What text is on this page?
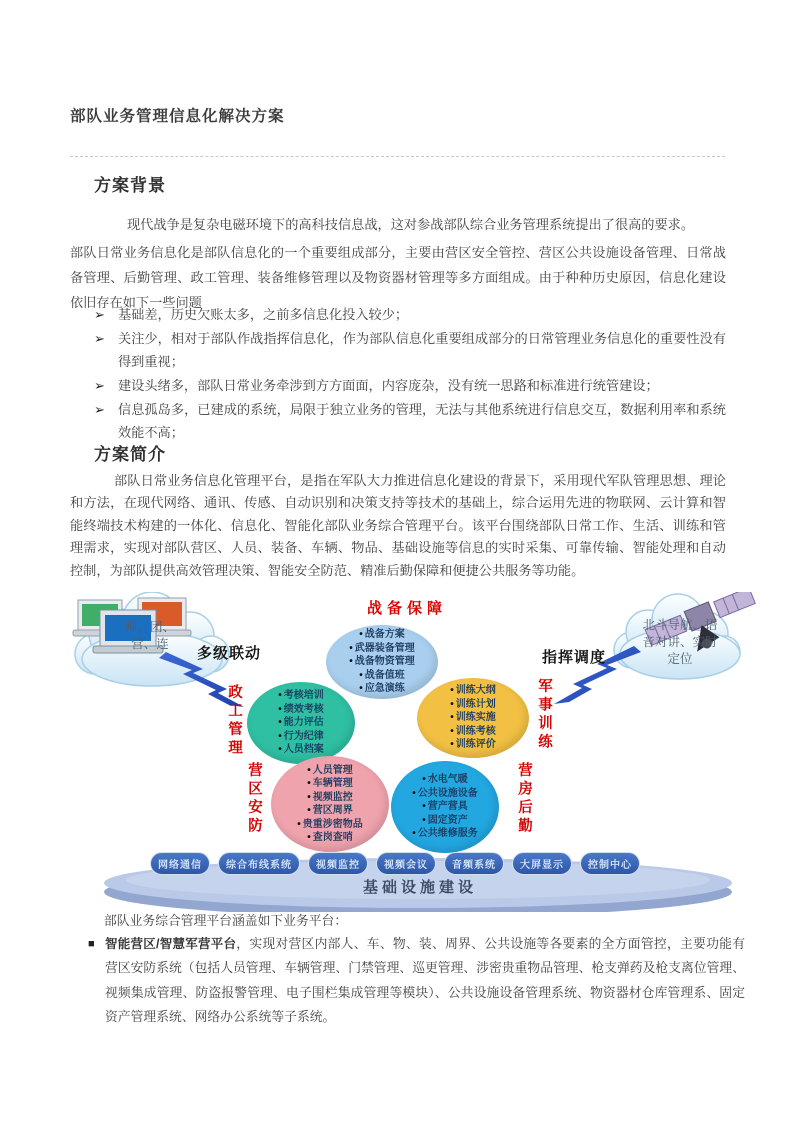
部队业务管理信息化解决方案
方案背景
现代战争是复杂电磁环境下的高科技信息战，这对参战部队综合业务管理系统提出了很高的要求。
部队日常业务信息化是部队信息化的一个重要组成部分，主要由营区安全管控、营区公共设施设备管理、日常战备管理、后勤管理、政工管理、装备维修管理以及物资器材管理等多方面组成。由于种种历史原因，信息化建设依旧存在如下一些问题
➢ 基础差，历史欠账太多，之前多信息化投入较少；
➢ 关注少，相对于部队作战指挥信息化，作为部队信息化重要组成部分的日常管理业务信息化的重要性没有得到重视；
➢ 建设头绪多，部队日常业务牵涉到方方面面，内容庞杂，没有统一思路和标准进行统管建设；
➢ 信息孤岛多，已建成的系统，局限于独立业务的管理，无法与其他系统进行信息交互，数据利用率和系统效能不高；
方案简介
部队日常业务信息化管理平台，是指在军队大力推进信息化建设的背景下，采用现代军队管理思想、理论和方法，在现代网络、通讯、传感、自动识别和决策支持等技术的基础上，综合运用先进的物联网、云计算和智能终端技术构建的一体化、信息化、智能化部队业务综合管理平台。该平台围绕部队日常工作、生活、训练和管理需求，实现对部队营区、人员、装备、车辆、物品、基础设施等信息的实时采集、可靠传输、智能处理和自动控制，为部队提供高效管理决策、智能安全防范、精准后勤保障和便捷公共服务等功能。
师、团、营、连
北斗导航、语音对讲、实时定位
多级联动	指挥调度
战备保障
• 战备方案
• 武器装备管理
• 战备物资管理
• 战备值班
• 应急演练
政工管理	• 考核培训
• 绩效考核
• 能力评估
• 行为纪律
• 人员档案	军事训练
• 训练大纲
• 训练计划
• 训练实施
• 训练考核
• 训练评价
营区安防	• 人员管理
• 车辆管理
• 视频监控
• 营区周界
• 贵重涉密物品
• 查岗查哨
营房后勤
• 水电气暖
• 公共设施设备
• 营产营具
• 固定资产
• 公共维修服务
网络通信	综合布线系统	视频监控	视频会议	音频系统	大屏显示	控制中心
基础设施建设
部队业务综合管理平台涵盖如下业务平台：
■ 智能营区/智慧军营平台，实现对营区内部人、车、物、装、周界、公共设施等各要素的全方面管控，主要功能有营区安防系统（包括人员管理、车辆管理、门禁管理、巡更管理、涉密贵重物品管理、枪支弹药及枪支离位管理、视频集成管理、防盗报警管理、电子围栏集成管理等模块）、公共设施设备管理系统、物资器材仓库管理系、固定资产管理系统、网络办公系统等子系统。
